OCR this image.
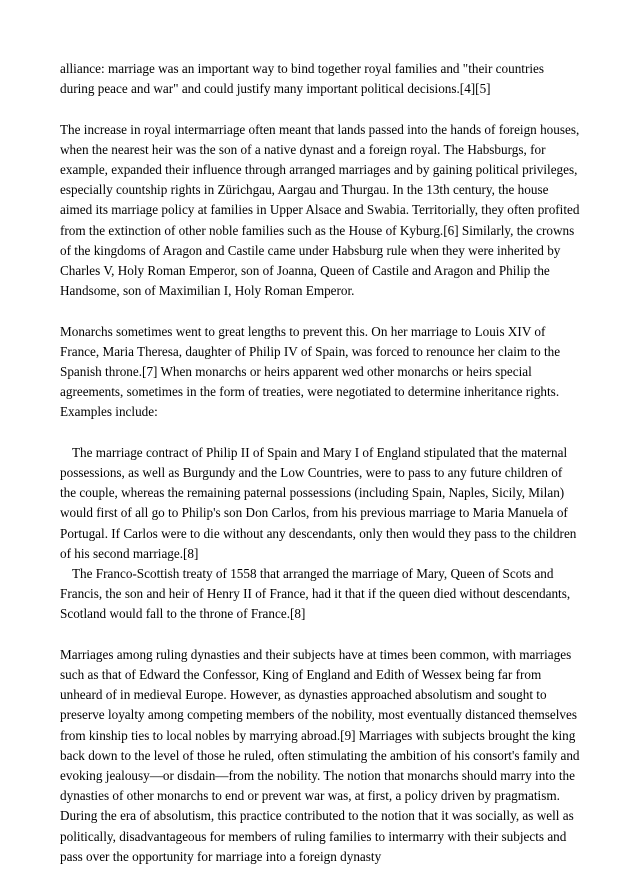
alliance: marriage was an important way to bind together royal families and "their countries during peace and war" and could justify many important political decisions.[4][5]

The increase in royal intermarriage often meant that lands passed into the hands of foreign houses, when the nearest heir was the son of a native dynast and a foreign royal. The Habsburgs, for example, expanded their influence through arranged marriages and by gaining political privileges, especially countship rights in Zürichgau, Aargau and Thurgau. In the 13th century, the house aimed its marriage policy at families in Upper Alsace and Swabia. Territorially, they often profited from the extinction of other noble families such as the House of Kyburg.[6] Similarly, the crowns of the kingdoms of Aragon and Castile came under Habsburg rule when they were inherited by Charles V, Holy Roman Emperor, son of Joanna, Queen of Castile and Aragon and Philip the Handsome, son of Maximilian I, Holy Roman Emperor.

Monarchs sometimes went to great lengths to prevent this. On her marriage to Louis XIV of France, Maria Theresa, daughter of Philip IV of Spain, was forced to renounce her claim to the Spanish throne.[7] When monarchs or heirs apparent wed other monarchs or heirs special agreements, sometimes in the form of treaties, were negotiated to determine inheritance rights. Examples include:

The marriage contract of Philip II of Spain and Mary I of England stipulated that the maternal possessions, as well as Burgundy and the Low Countries, were to pass to any future children of the couple, whereas the remaining paternal possessions (including Spain, Naples, Sicily, Milan) would first of all go to Philip's son Don Carlos, from his previous marriage to Maria Manuela of Portugal. If Carlos were to die without any descendants, only then would they pass to the children of his second marriage.[8]

The Franco-Scottish treaty of 1558 that arranged the marriage of Mary, Queen of Scots and Francis, the son and heir of Henry II of France, had it that if the queen died without descendants, Scotland would fall to the throne of France.[8]

Marriages among ruling dynasties and their subjects have at times been common, with marriages such as that of Edward the Confessor, King of England and Edith of Wessex being far from unheard of in medieval Europe. However, as dynasties approached absolutism and sought to preserve loyalty among competing members of the nobility, most eventually distanced themselves from kinship ties to local nobles by marrying abroad.[9] Marriages with subjects brought the king back down to the level of those he ruled, often stimulating the ambition of his consort's family and evoking jealousy—or disdain—from the nobility. The notion that monarchs should marry into the dynasties of other monarchs to end or prevent war was, at first, a policy driven by pragmatism. During the era of absolutism, this practice contributed to the notion that it was socially, as well as politically, disadvantageous for members of ruling families to intermarry with their subjects and pass over the opportunity for marriage into a foreign dynasty
